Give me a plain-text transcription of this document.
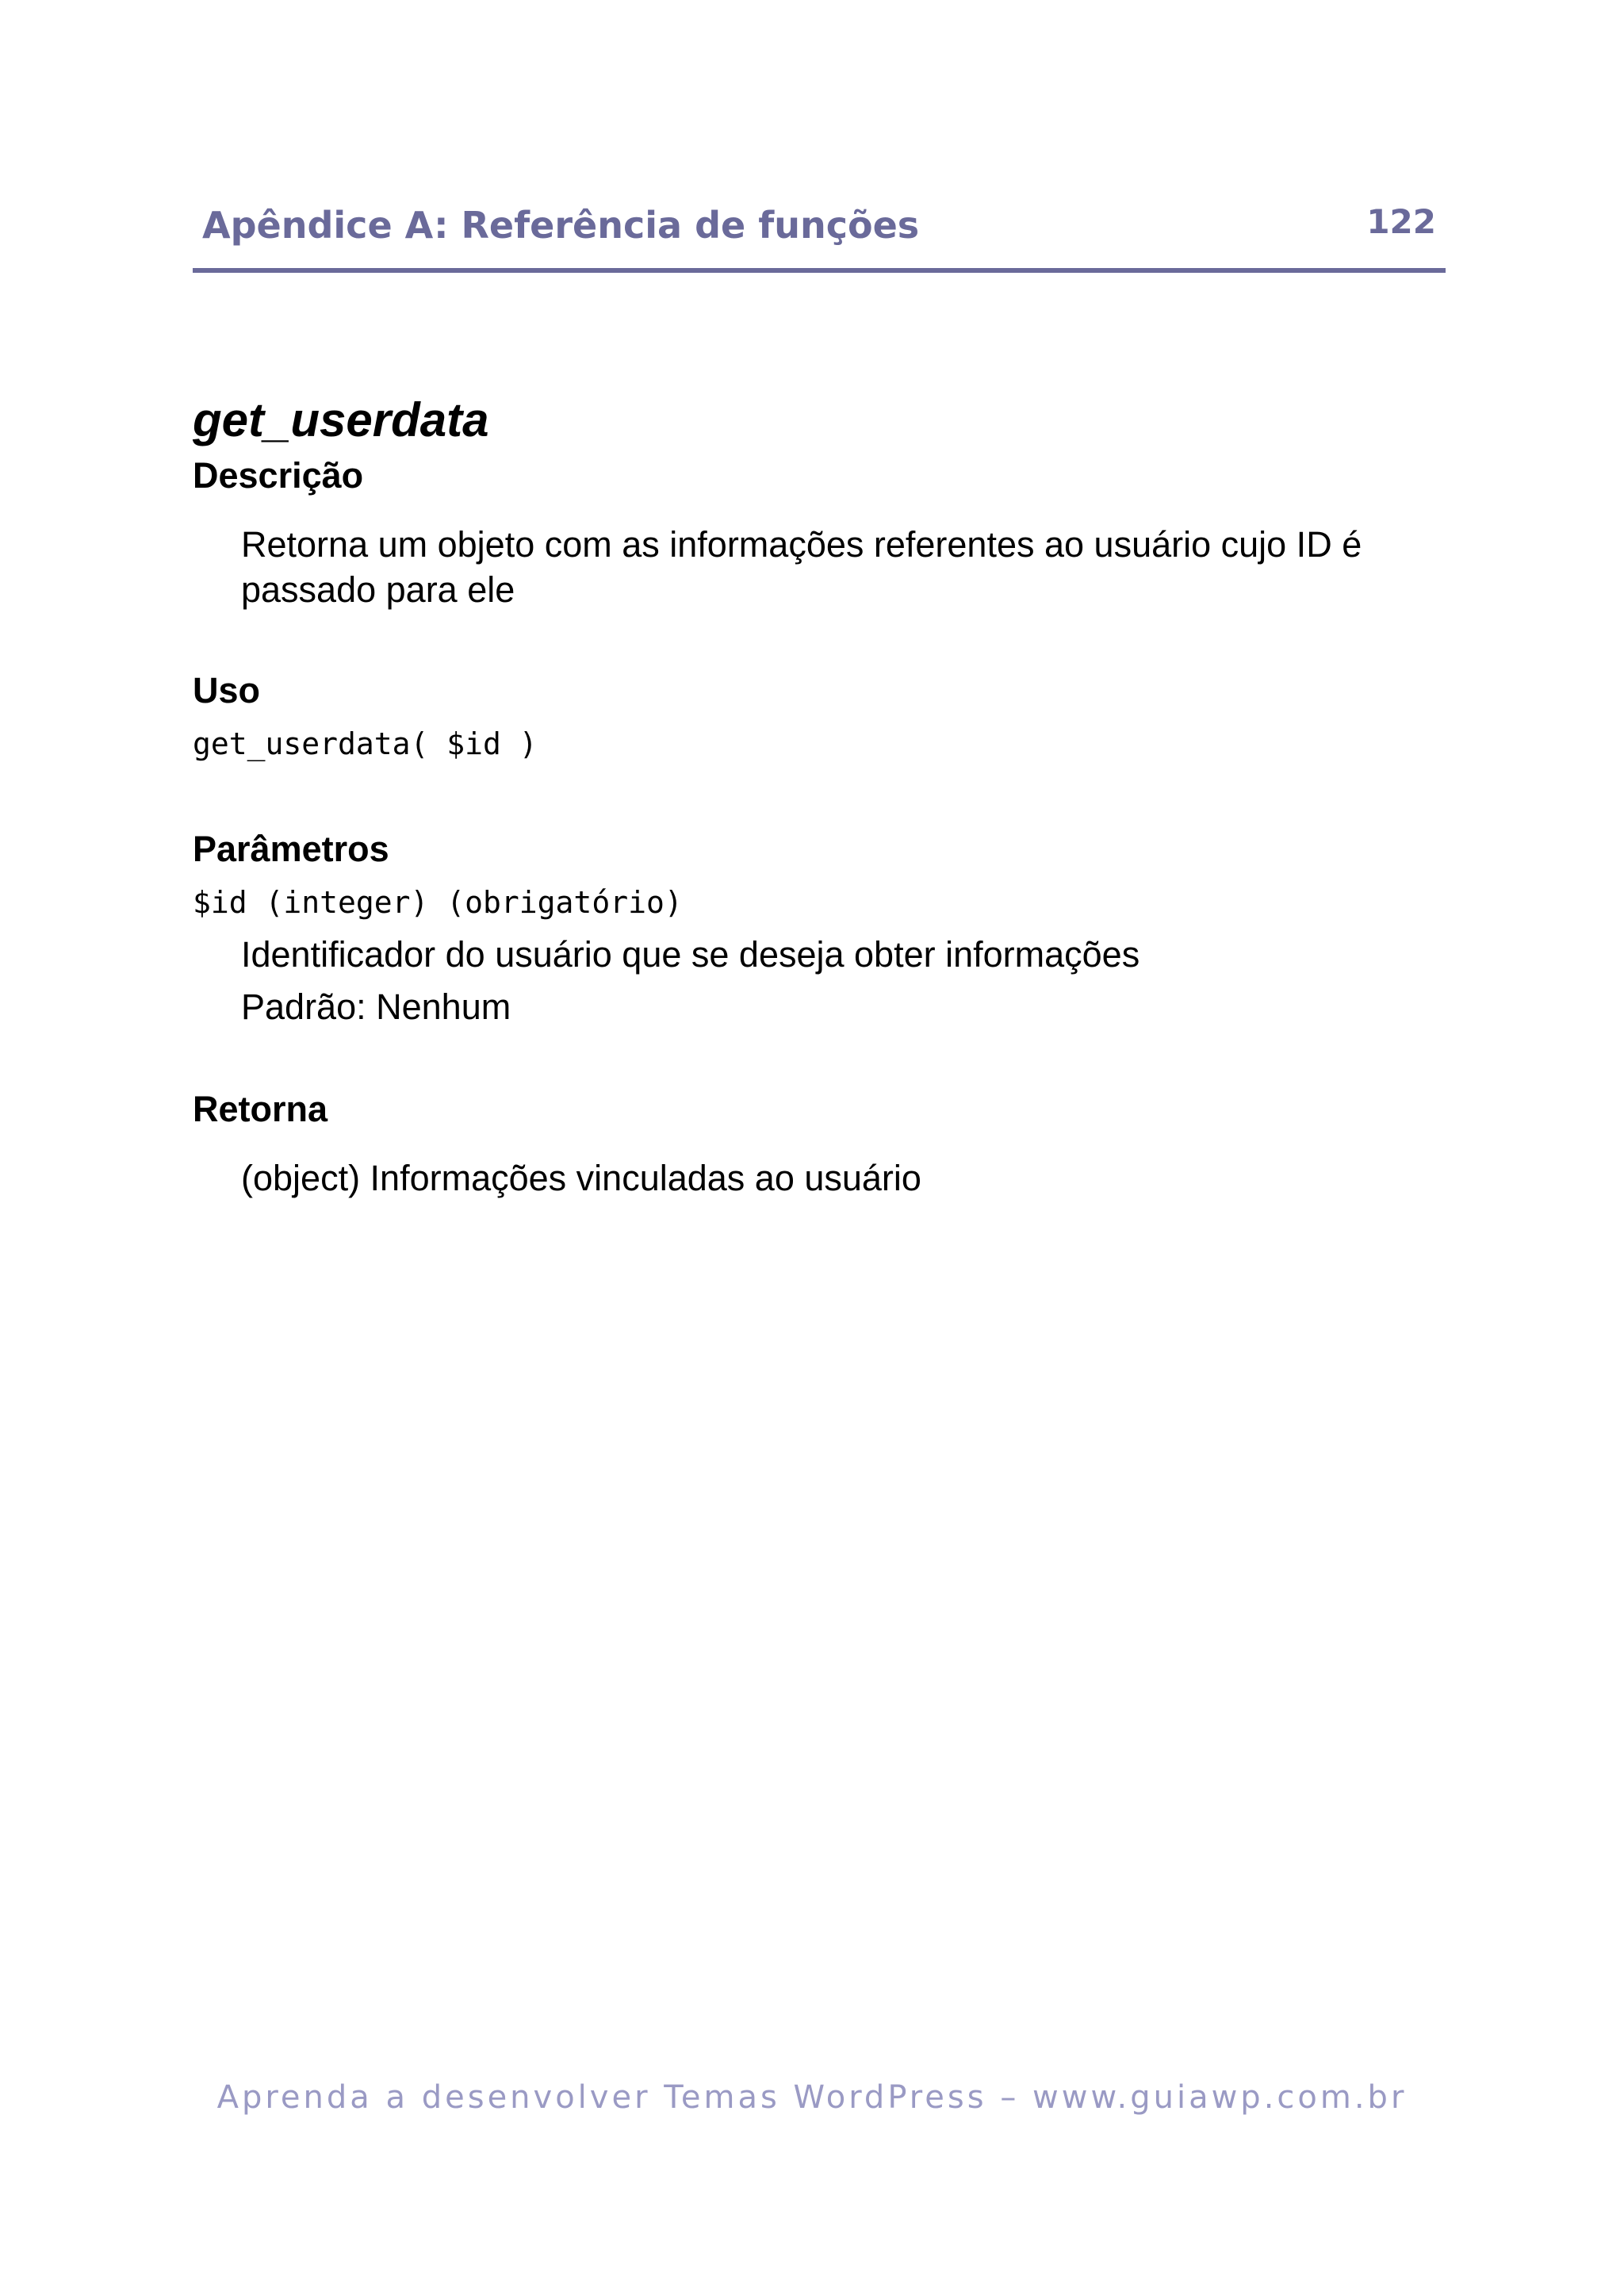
Apêndice A: Referência de funções	122
get_userdata
Descrição

Retorna um objeto com as informações referentes ao usuário cujo ID é passado para ele

Uso

get_userdata( $id )

Parâmetros

$id (integer) (obrigatório)

Identificador do usuário que se deseja obter informações

Padrão: Nenhum

Retorna

(object) Informações vinculadas ao usuário

Aprenda a desenvolver Temas WordPress – www.guiawp.com.br
